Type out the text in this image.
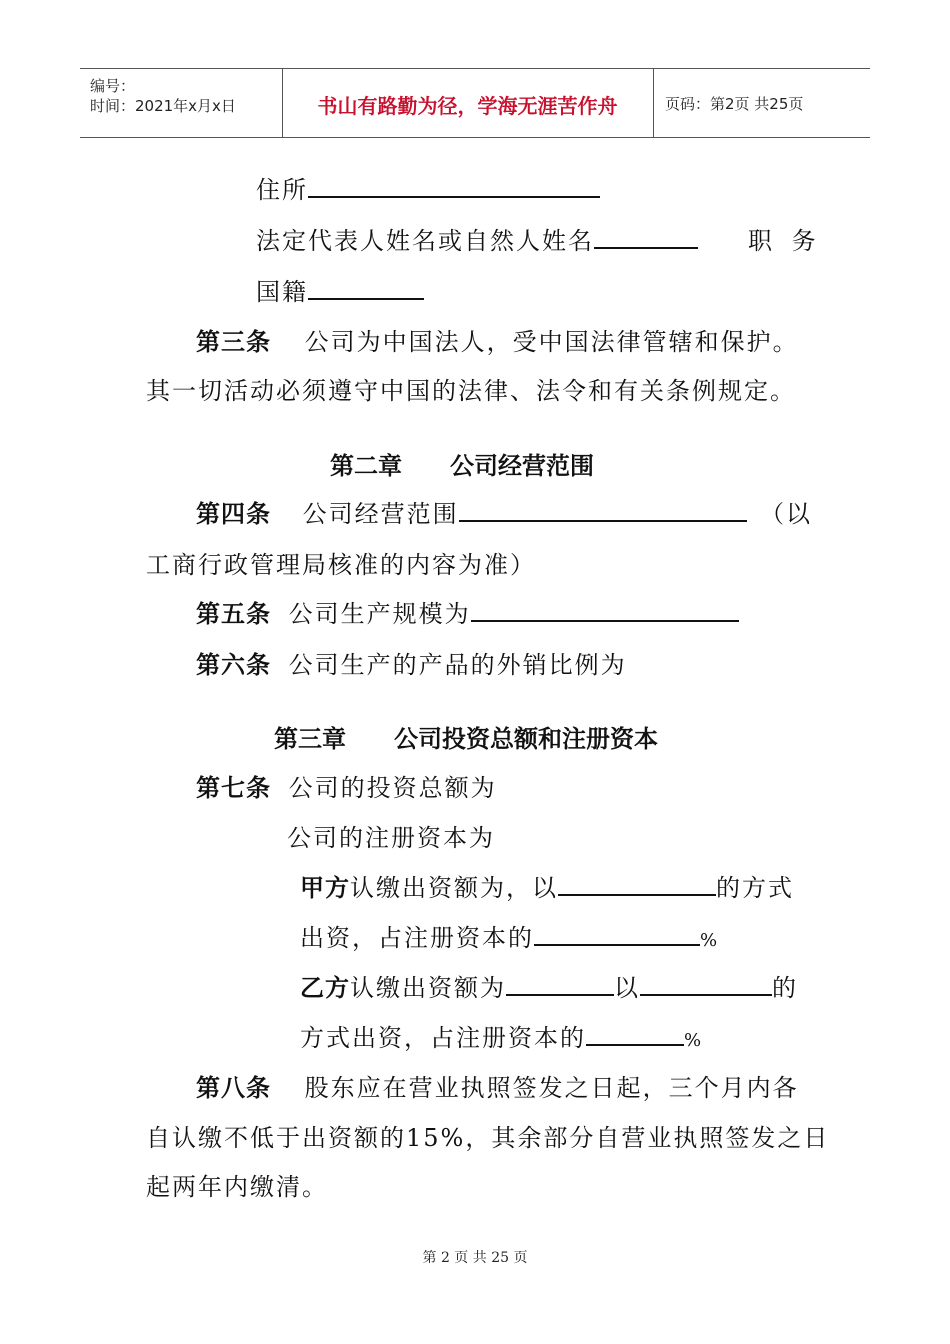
编号：
时间：2021年x月x日	书山有路勤为径，学海无涯苦作舟	页码：第2页 共25页
住所
法定代表人姓名或自然人姓名	职 务
国籍
第三条 公司为中国法人，受中国法律管辖和保护。
其一切活动必须遵守中国的法律、法令和有关条例规定。
第二章　　公司经营范围
第四条 公司经营范围	（以
工商行政管理局核准的内容为准）
第五条 公司生产规模为
第六条 公司生产的产品的外销比例为
第三章　　公司投资总额和注册资本
第七条 公司的投资总额为
公司的注册资本为
甲方认缴出资额为，以	的方式
出资，占注册资本的	%
乙方认缴出资额为	以	的
方式出资，占注册资本的	%
第八条 股东应在营业执照签发之日起，三个月内各
自认缴不低于出资额的15%，其余部分自营业执照签发之日
起两年内缴清。
第 2 页 共 25 页
